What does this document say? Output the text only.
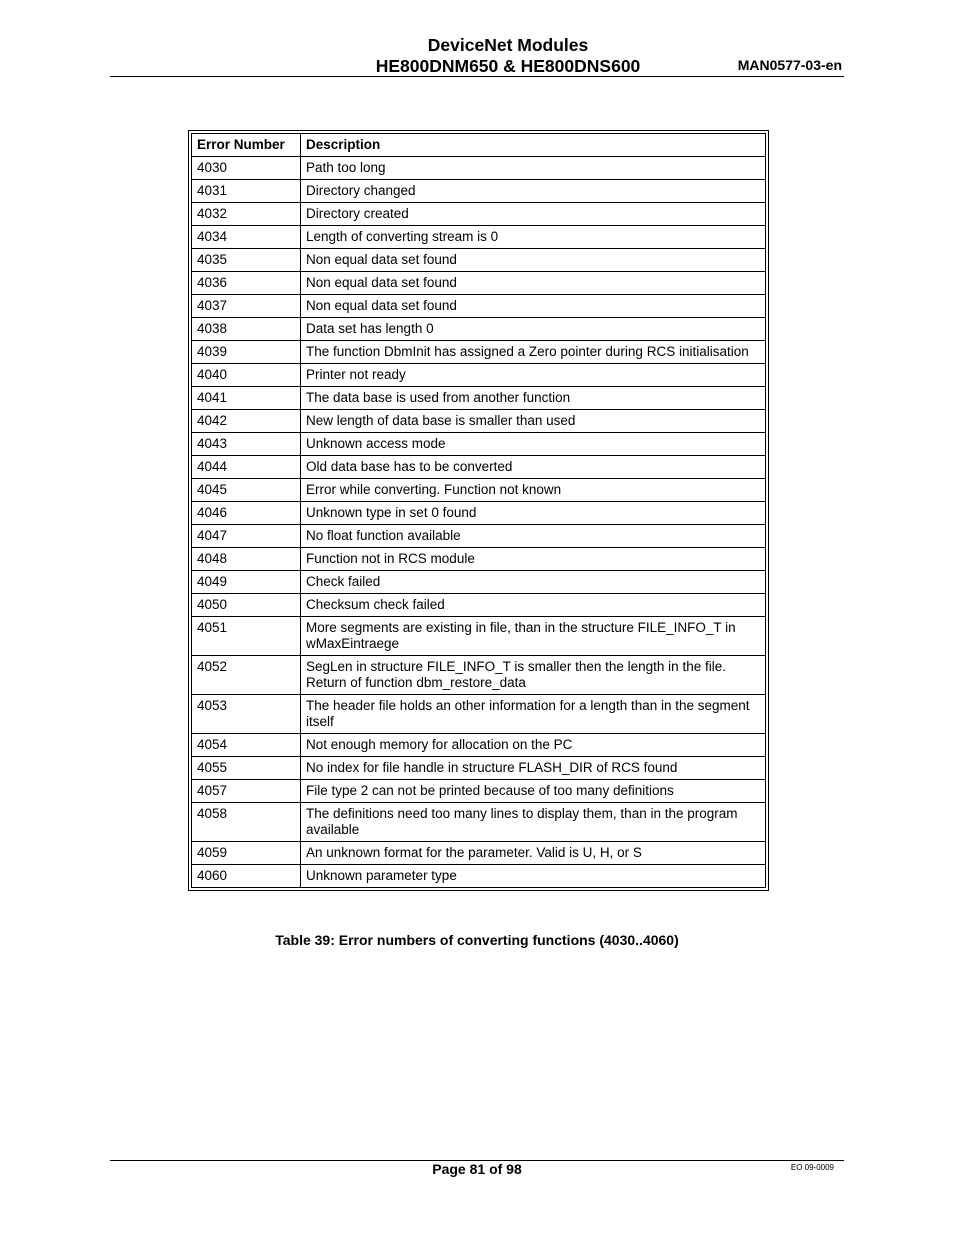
DeviceNet Modules
HE800DNM650 & HE800DNS600	MAN0577-03-en
Error Number	Description
4030	Path too long
4031	Directory changed
4032	Directory created
4034	Length of converting stream is 0
4035	Non equal data set found
4036	Non equal data set found
4037	Non equal data set found
4038	Data set has length 0
4039	The function DbmInit has assigned a Zero pointer during RCS initialisation
4040	Printer not ready
4041	The data base is used from another function
4042	New length of data base is smaller than used
4043	Unknown access mode
4044	Old data base has to be converted
4045	Error while converting. Function not known
4046	Unknown type in set 0 found
4047	No float function available
4048	Function not in RCS module
4049	Check failed
4050	Checksum check failed
4051	More segments are existing in file, than in the structure FILE_INFO_T in wMaxEintraege
4052	SegLen in structure FILE_INFO_T is smaller then the length in the file. Return of function dbm_restore_data
4053	The header file holds an other information for a length than in the segment itself
4054	Not enough memory for allocation on the PC
4055	No index for file handle in structure FLASH_DIR of RCS found
4057	File type 2 can not be printed because of too many definitions
4058	The definitions need too many lines to display them, than in the program available
4059	An unknown format for the parameter. Valid is U, H, or S
4060	Unknown parameter type
Table 39: Error numbers of converting functions (4030..4060)
Page 81 of 98	EO 09-0009
